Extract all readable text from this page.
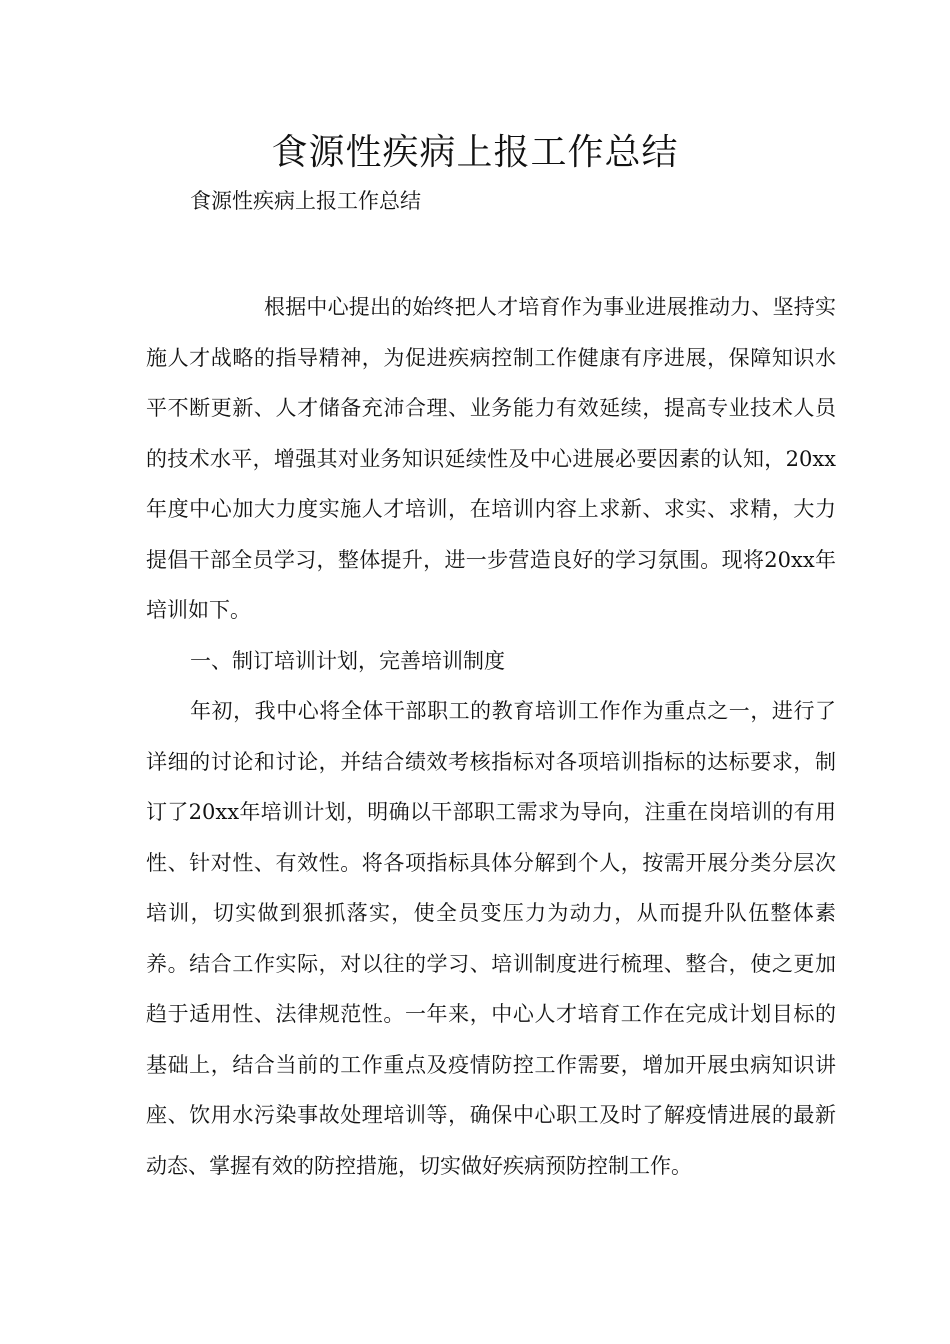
食源性疾病上报工作总结
食源性疾病上报工作总结

根据中心提出的始终把人才培育作为事业进展推动力、坚持实施人才战略的指导精神，为促进疾病控制工作健康有序进展，保障知识水平不断更新、人才储备充沛合理、业务能力有效延续，提高专业技术人员的技术水平，增强其对业务知识延续性及中心进展必要因素的认知，20xx年度中心加大力度实施人才培训，在培训内容上求新、求实、求精，大力提倡干部全员学习，整体提升，进一步营造良好的学习氛围。现将20xx年培训如下。

一、制订培训计划，完善培训制度

年初，我中心将全体干部职工的教育培训工作作为重点之一，进行了详细的讨论和讨论，并结合绩效考核指标对各项培训指标的达标要求，制订了20xx年培训计划，明确以干部职工需求为导向，注重在岗培训的有用性、针对性、有效性。将各项指标具体分解到个人，按需开展分类分层次培训，切实做到狠抓落实，使全员变压力为动力，从而提升队伍整体素养。结合工作实际，对以往的学习、培训制度进行梳理、整合，使之更加趋于适用性、法律规范性。一年来，中心人才培育工作在完成计划目标的基础上，结合当前的工作重点及疫情防控工作需要，增加开展虫病知识讲座、饮用水污染事故处理培训等，确保中心职工及时了解疫情进展的最新动态、掌握有效的防控措施，切实做好疾病预防控制工作。
